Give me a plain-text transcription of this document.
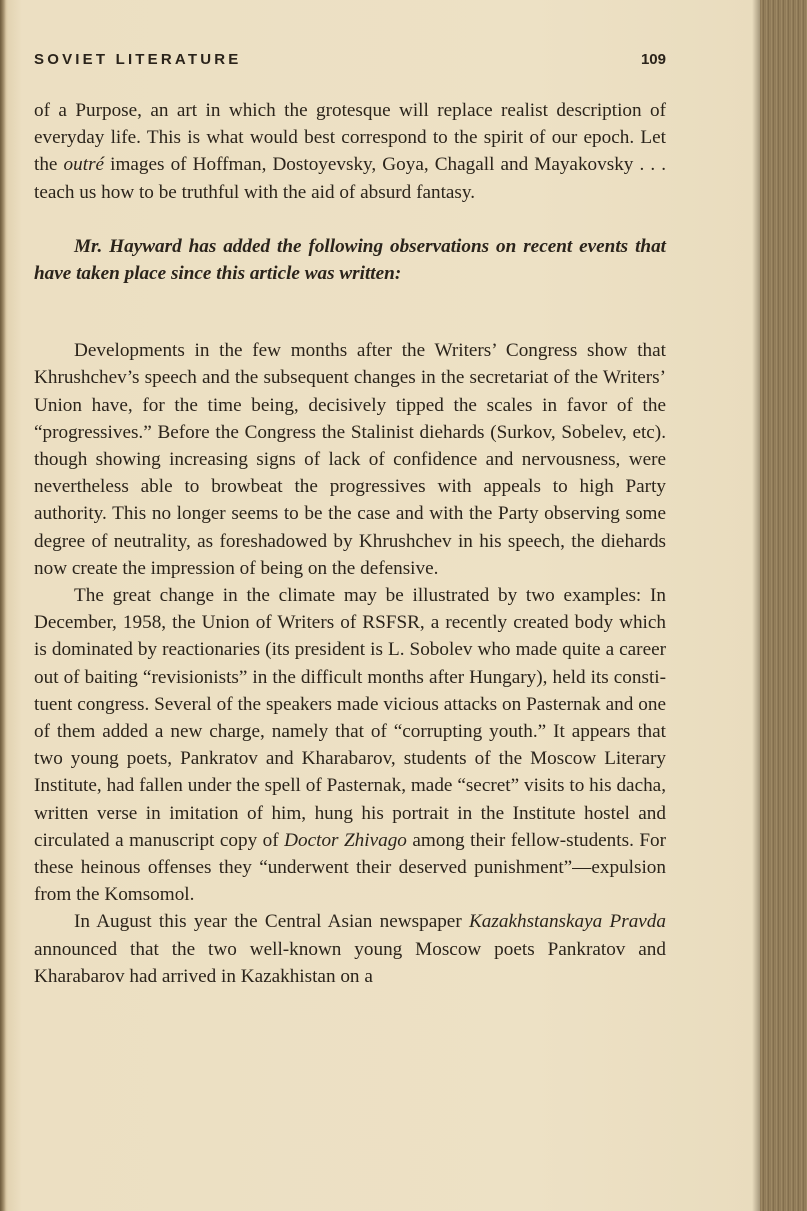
SOVIET LITERATURE	109

of a Purpose, an art in which the grotesque will replace realist description of everyday life. This is what would best correspond to the spirit of our epoch. Let the outré images of Hoffman, Dostoyevsky, Goya, Chagall and Mayakovsky . . . teach us how to be truthful with the aid of absurd fantasy.

Mr. Hayward has added the following observations on recent events that have taken place since this article was written:

Developments in the few months after the Writers’ Congress show that Khrushchev’s speech and the subsequent changes in the secretariat of the Writers’ Union have, for the time being, decisively tipped the scales in favor of the “progressives.” Before the Congress the Stalinist diehards (Surkov, Sobelev, etc). though showing increasing signs of lack of confidence and nervousness, were nevertheless able to browbeat the progressives with appeals to high Party authority. This no longer seems to be the case and with the Party observing some degree of neutrality, as foreshadowed by Khrushchev in his speech, the diehards now create the impression of being on the defensive.

The great change in the climate may be illustrated by two examples: In December, 1958, the Union of Writers of RSFSR, a recently created body which is dominated by reactionaries (its president is L. Sobolev who made quite a career out of baiting “revisionists” in the difficult months after Hungary), held its constituent congress. Several of the speakers made vicious attacks on Pasternak and one of them added a new charge, namely that of “corrupting youth.” It appears that two young poets, Pankratov and Kharabarov, students of the Moscow Literary Institute, had fallen under the spell of Pasternak, made “secret” visits to his dacha, written verse in imitation of him, hung his portrait in the Institute hostel and circulated a manuscript copy of Doctor Zhivago among their fellow-students. For these heinous offenses they “underwent their deserved punishment”—expulsion from the Komsomol.

In August this year the Central Asian newspaper Kazakhstanskaya Pravda announced that the two well-known young Moscow poets Pankratov and Kharabarov had arrived in Kazakhistan on a
